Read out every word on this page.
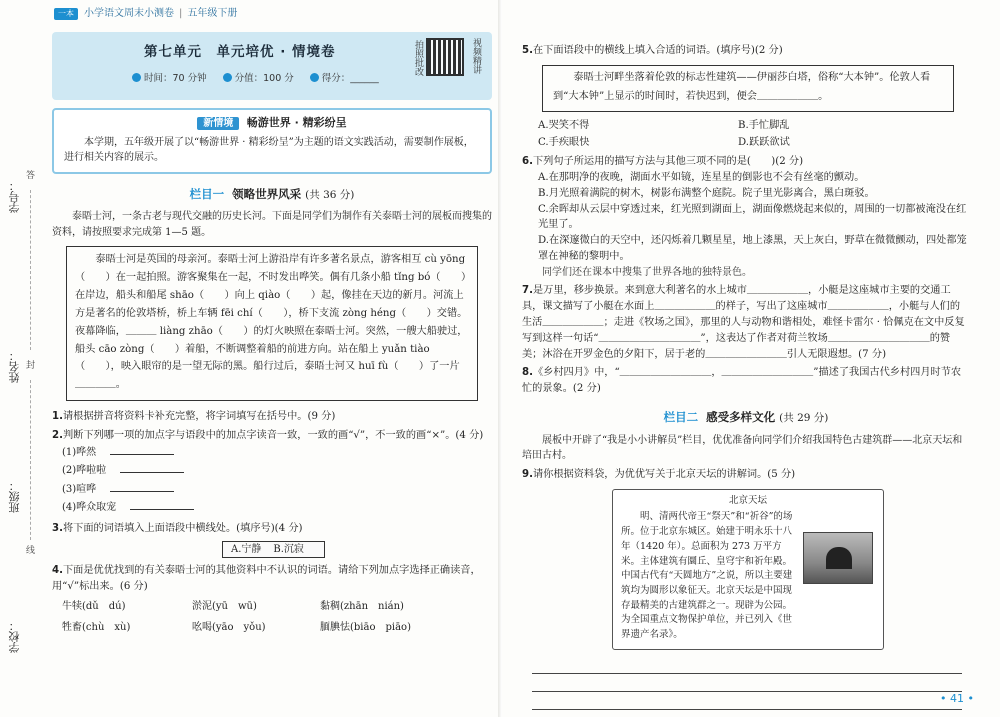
学号：
姓名：
班级：
学校：
答
封
线
一本	小学语文周末小测卷 | 五年级下册
第七单元　单元培优 · 情境卷
时间：70 分钟	分值：100 分	得分：______
拍照批改	视频精讲
新情境 畅游世界 · 精彩纷呈

本学期，五年级开展了以“畅游世界 · 精彩纷呈”为主题的语文实践活动，需要制作展板，进行相关内容的展示。

栏目一 领略世界风采 (共 36 分)

泰晤士河，一条古老与现代交融的历史长河。下面是同学们为制作有关泰晤士河的展板而搜集的资料，请按照要求完成第 1—5 题。

泰晤士河是英国的母亲河。泰晤士河上游沿岸有许多著名景点，游客相互 cù yōng（　　）在一起拍照。游客聚集在一起，不时发出哗笑。偶有几条小船 tǐng bó（　　）在岸边，船头和船尾 shāo（　　）向上 qiào（　　）起，像挂在天边的新月。河流上方是著名的伦敦塔桥，桥上车辆 fēi chí（　　），桥下支流 zòng héng（　　）交错。夜幕降临，＿＿＿ liàng zhāo（　　）的灯火映照在泰晤士河。突然，一艘大船驶过，船头 cāo zòng（　　）着船，不断调整着船的前进方向。站在船上 yuǎn tiào（　　），映入眼帘的是一望无际的黑。船行过后，泰晤士河又 huī fù（　　）了一片＿＿＿＿。

1.请根据拼音将资料卡补充完整，将字词填写在括号中。(9 分)
2.判断下列哪一项的加点字与语段中的加点字读音一致，一致的画“√”，不一致的画“×”。(4 分)
(1)哗然
(2)哗啦啦
(3)喧哗
(4)哗众取宠
3.将下面的词语填入上面语段中横线处。(填序号)(4 分)
A.宁静 B.沉寂
4.下面是优优找到的有关泰晤士河的其他资料中不认识的词语。请给下列加点字选择正确读音，用“√”标出来。(6 分)
牛犊(dǔ　dú)	淤泥(yū　wū)	黏稠(zhān　nián)
牲畜(chù　xù)	吆喝(yāo　yǒu)	腼腆怯(biāo　piāo)
5.在下面语段中的横线上填入合适的词语。(填序号)(2 分)

泰晤士河畔坐落着伦敦的标志性建筑——伊丽莎白塔，俗称“大本钟”。伦敦人看到“大本钟”上显示的时间时，若快迟到，便会＿＿＿＿＿＿。

A.哭笑不得	B.手忙脚乱
C.手疾眼快	D.跃跃欲试
6.下列句子所运用的描写方法与其他三项不同的是(　　)(2 分)
A.在那明净的夜晚，湖面水平如镜，连星星的倒影也不会有丝毫的颤动。
B.月光照着满院的树木，树影布满整个庭院。院子里光影离合，黑白斑驳。
C.余晖却从云层中穿透过来，红光照到湖面上，湖面像燃烧起来似的，周围的一切都被淹没在红光里了。
D.在深邃微白的天空中，还闪烁着几颗星星，地上漆黑，天上灰白，野草在微微颤动，四处都笼罩在神秘的黎明中。

同学们还在课本中搜集了世界各地的独特景色。

7.是万里，移步换景。来到意大利著名的水上城市＿＿＿＿＿＿，小艇是这座城市主要的交通工具，课文描写了小艇在水面上＿＿＿＿＿＿的样子，写出了这座城市＿＿＿＿＿＿，小艇与人们的生活＿＿＿＿＿＿；走进《牧场之国》，那里的人与动物和谐相处，难怪卡雷尔 · 恰佩克在文中反复写到这样一句话“＿＿＿＿＿＿＿＿＿＿”，这表达了作者对荷兰牧场＿＿＿＿＿＿＿＿＿＿的赞美；沐浴在开罗金色的夕阳下，居于老的＿＿＿＿＿＿＿＿引人无限遐想。(7 分)
8.《乡村四月》中，“＿＿＿＿＿＿＿＿＿，＿＿＿＿＿＿＿＿＿”描述了我国古代乡村四月时节农忙的景象。(2 分)
栏目二 感受多样文化 (共 29 分)

展板中开辟了“我是小小讲解员”栏目，优优准备向同学们介绍我国特色古建筑群——北京天坛和培田古村。

9.请你根据资料袋，为优优写关于北京天坛的讲解词。(5 分)
北京天坛
明、清两代帝王“祭天”和“祈谷”的场所。位于北京东城区。始建于明永乐十八年（1420 年）。总面积为 273 万平方米。主体建筑有圜丘、皇穹宇和祈年殿。中国古代有“天圆地方”之说，所以主要建筑均为圆形以象征天。北京天坛是中国现存最精美的古建筑群之一。现辟为公园。为全国重点文物保护单位，并已列入《世界遗产名录》。
• 41 •
